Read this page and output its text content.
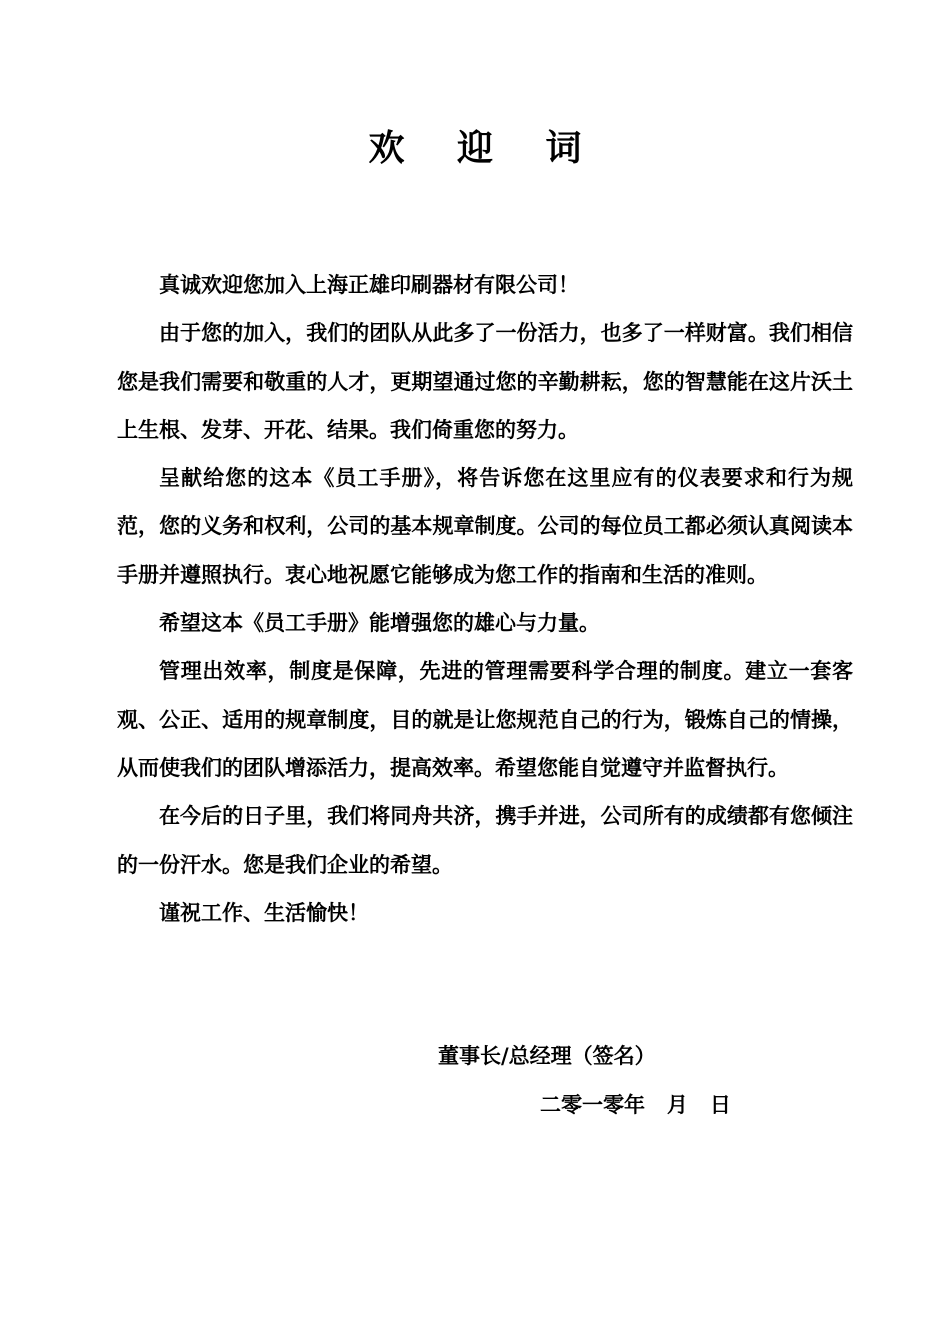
欢 迎 词

真诚欢迎您加入上海正雄印刷器材有限公司！

由于您的加入，我们的团队从此多了一份活力，也多了一样财富。我们相信您是我们需要和敬重的人才，更期望通过您的辛勤耕耘，您的智慧能在这片沃土上生根、发芽、开花、结果。我们倚重您的努力。

呈献给您的这本《员工手册》，将告诉您在这里应有的仪表要求和行为规范，您的义务和权利，公司的基本规章制度。公司的每位员工都必须认真阅读本手册并遵照执行。衷心地祝愿它能够成为您工作的指南和生活的准则。

希望这本《员工手册》能增强您的雄心与力量。

管理出效率，制度是保障，先进的管理需要科学合理的制度。建立一套客观、公正、适用的规章制度，目的就是让您规范自己的行为，锻炼自己的情操，从而使我们的团队增添活力，提高效率。希望您能自觉遵守并监督执行。

在今后的日子里，我们将同舟共济，携手并进，公司所有的成绩都有您倾注的一份汗水。您是我们企业的希望。

谨祝工作、生活愉快！

董事长/总经理（签名）
二零一零年   月   日
